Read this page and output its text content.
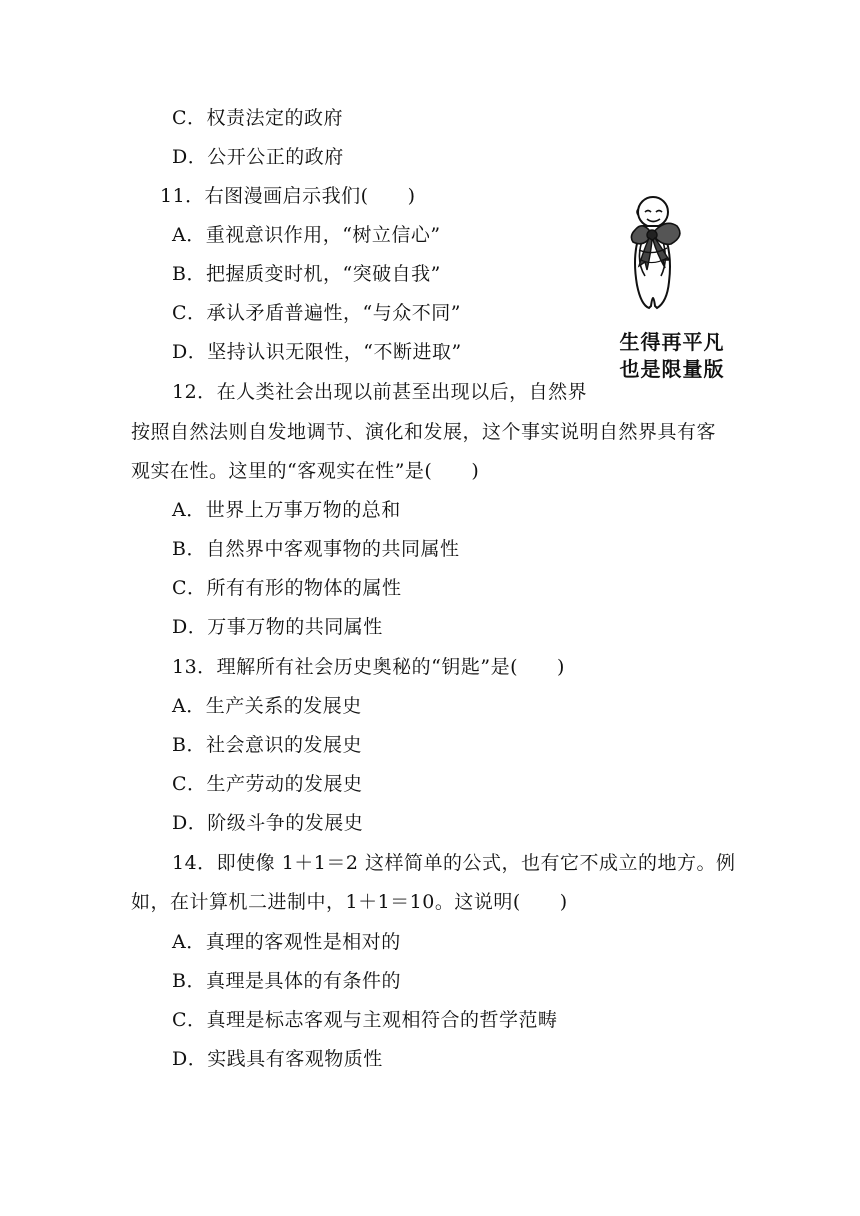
C．权责法定的政府
D．公开公正的政府
11．右图漫画启示我们(　　)
A．重视意识作用，“树立信心”
B．把握质变时机，“突破自我”
C．承认矛盾普遍性，“与众不同”
D．坚持认识无限性，“不断进取”	生得再平凡
也是限量版
12．在人类社会出现以前甚至出现以后，自然界
按照自然法则自发地调节、演化和发展，这个事实说明自然界具有客
观实在性。这里的“客观实在性”是(　　)
A．世界上万事万物的总和
B．自然界中客观事物的共同属性
C．所有有形的物体的属性
D．万事万物的共同属性
13．理解所有社会历史奥秘的“钥匙”是(　　)
A．生产关系的发展史
B．社会意识的发展史
C．生产劳动的发展史
D．阶级斗争的发展史
14．即使像 1＋1＝2 这样简单的公式，也有它不成立的地方。例
如，在计算机二进制中，1＋1＝10。这说明(　　)
A．真理的客观性是相对的
B．真理是具体的有条件的
C．真理是标志客观与主观相符合的哲学范畴
D．实践具有客观物质性
